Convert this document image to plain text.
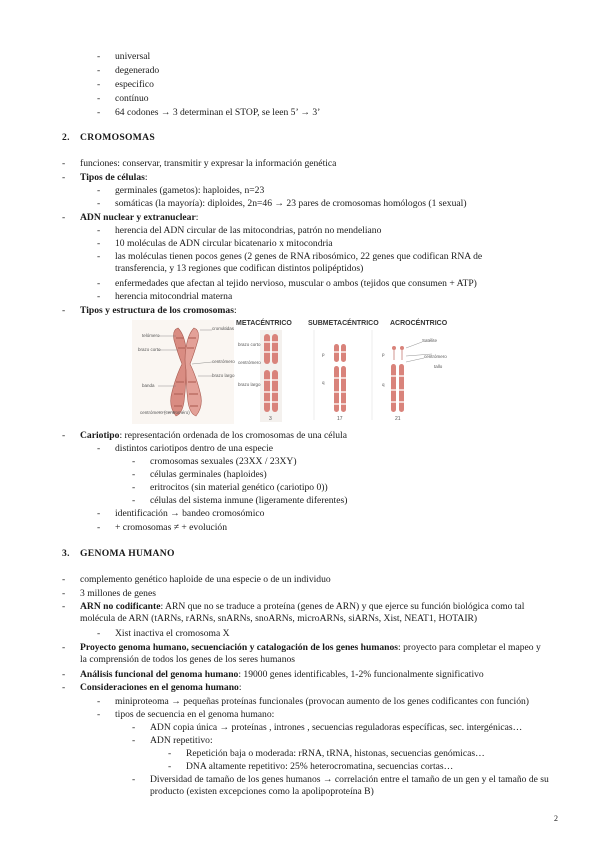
- universal
- degenerado
- especifico
- contínuo
- 64 codones → 3 determinan el STOP, se leen 5’ → 3’
2. CROMOSOMAS
- funciones: conservar, transmitir y expresar la información genética
- Tipos de células:
- germinales (gametos): haploides, n=23
- somáticas (la mayoría): diploides, 2n=46 → 23 pares de cromosomas homólogos (1 sexual)
- ADN nuclear y extranuclear:
- herencia del ADN circular de las mitocondrias, patrón no mendeliano
- 10 moléculas de ADN circular bicatenario x mitocondria
- las moléculas tienen pocos genes (2 genes de RNA ribosómico, 22 genes que codifican RNA de transferencia, y 13 regiones que codifican distintos polipéptidos)
- enfermedades que afectan al tejido nervioso, muscular o ambos (tejidos que consumen + ATP)
- herencia mitocondrial materna
- Tipos y estructura de los cromosomas:
METACÉNTRICO SUBMETACÉNTRICO ACROCÉNTRICO
cromátidas
telómero
brazo corto
centrómero
brazo largo
banda
centrómero (centroméro)
brazo corto
centrómero
brazo largo
p
q
p
q
Satélite
centrómero
tallo
3	17	21
- Cariotipo: representación ordenada de los cromosomas de una célula
- distintos cariotipos dentro de una especie
- cromosomas sexuales (23XX / 23XY)
- células germinales (haploides)
- eritrocitos (sin material genético (cariotipo 0))
- células del sistema inmune (ligeramente diferentes)
- identificación → bandeo cromosómico
- + cromosomas ≠ + evolución
3. GENOMA HUMANO
- complemento genético haploide de una especie o de un individuo
- 3 millones de genes
- ARN no codificante: ARN que no se traduce a proteína (genes de ARN) y que ejerce su función biológica como tal molécula de ARN (tARNs, rARNs, snARNs, snoARNs, microARNs, siARNs, Xist, NEAT1, HOTAIR)
- Xist inactiva el cromosoma X
- Proyecto genoma humano, secuenciación y catalogación de los genes humanos: proyecto para completar el mapeo y la comprensión de todos los genes de los seres humanos
- Análisis funcional del genoma humano: 19000 genes identificables, 1-2% funcionalmente significativo
- Consideraciones en el genoma humano:
- miniproteoma → pequeñas proteínas funcionales (provocan aumento de los genes codificantes con función)
- tipos de secuencia en el genoma humano:
- ADN copia única → proteínas , intrones , secuencias reguladoras específicas, sec. intergénicas…
- ADN repetitivo:
- Repetición baja o moderada: rRNA, tRNA, histonas, secuencias genómicas…
- DNA altamente repetitivo: 25% heterocromatina, secuencias cortas…
- Diversidad de tamaño de los genes humanos → correlación entre el tamaño de un gen y el tamaño de su producto (existen excepciones como la apolipoproteína B)
2
